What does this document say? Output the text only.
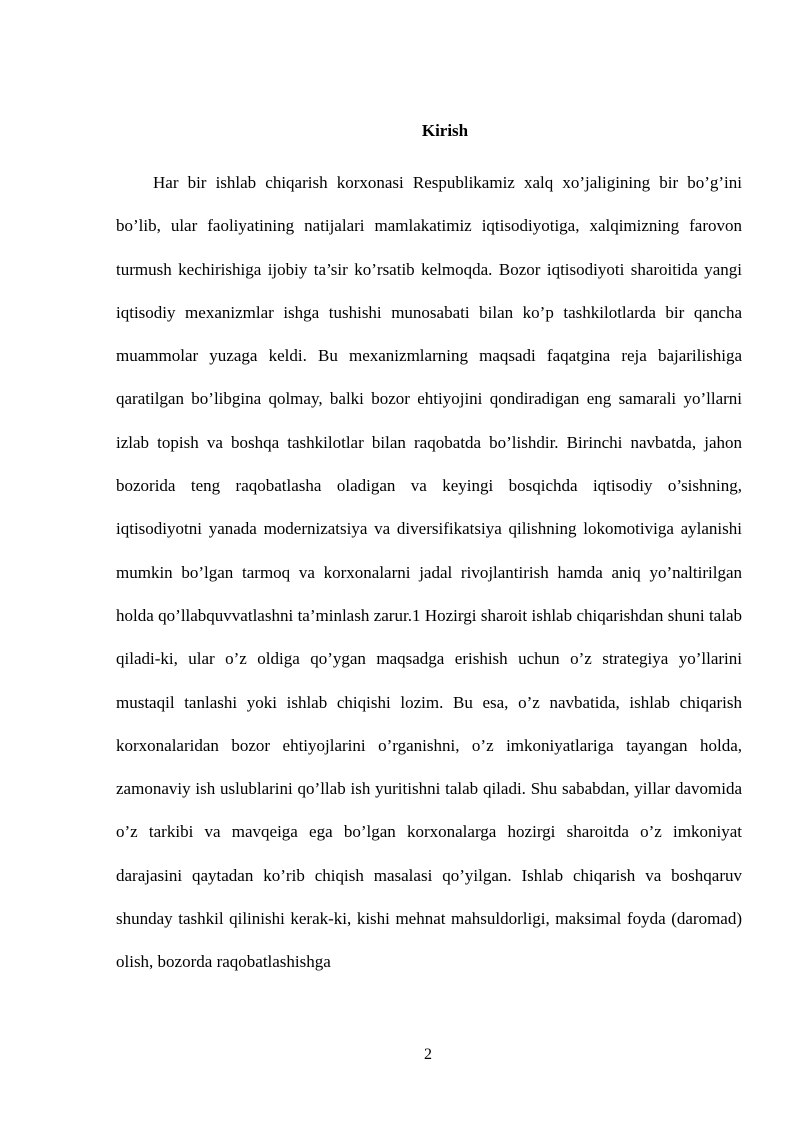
Kirish

Har bir ishlab chiqarish korxonasi Respublikamiz xalq xo’jaligining bir bo’g’ini bo’lib, ular faoliyatining natijalari mamlakatimiz iqtisodiyotiga, xalqimizning farovon turmush kechirishiga ijobiy ta’sir ko’rsatib kelmoqda. Bozor iqtisodiyoti sharoitida yangi iqtisodiy mexanizmlar ishga tushishi munosabati bilan ko’p tashkilotlarda bir qancha muammolar yuzaga keldi. Bu mexanizmlarning maqsadi faqatgina reja bajarilishiga qaratilgan bo’libgina qolmay, balki bozor ehtiyojini qondiradigan eng samarali yo’llarni izlab topish va boshqa tashkilotlar bilan raqobatda bo’lishdir. Birinchi navbatda, jahon bozorida teng raqobatlasha oladigan va keyingi bosqichda iqtisodiy o’sishning, iqtisodiyotni yanada modernizatsiya va diversifikatsiya qilishning lokomotiviga aylanishi mumkin bo’lgan tarmoq va korxonalarni jadal rivojlantirish hamda aniq yo’naltirilgan holda qo’llabquvvatlashni ta’minlash zarur.1 Hozirgi sharoit ishlab chiqarishdan shuni talab qiladi-ki, ular o’z oldiga qo’ygan maqsadga erishish uchun o’z strategiya yo’llarini mustaqil tanlashi yoki ishlab chiqishi lozim. Bu esa, o’z navbatida, ishlab chiqarish korxonalaridan bozor ehtiyojlarini o’rganishni, o’z imkoniyatlariga tayangan holda, zamonaviy ish uslublarini qo’llab ish yuritishni talab qiladi. Shu sababdan, yillar davomida o’z tarkibi va mavqeiga ega bo’lgan korxonalarga hozirgi sharoitda o’z imkoniyat darajasini qaytadan ko’rib chiqish masalasi qo’yilgan. Ishlab chiqarish va boshqaruv shunday tashkil qilinishi kerak-ki, kishi mehnat mahsuldorligi, maksimal foyda (daromad) olish, bozorda raqobatlashishga

2
